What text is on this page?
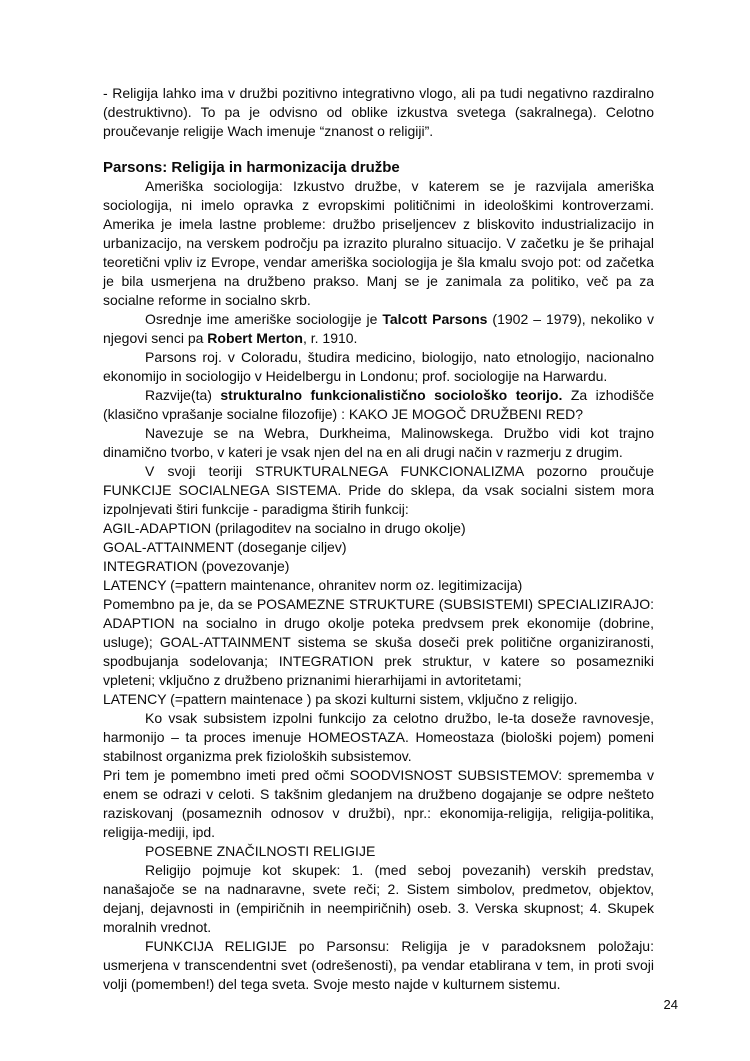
- Religija lahko ima v družbi pozitivno integrativno vlogo, ali pa tudi negativno razdiralno (destruktivno). To pa je odvisno od oblike izkustva svetega (sakralnega). Celotno proučevanje religije Wach imenuje “znanost o religiji”.

Parsons: Religija in harmonizacija družbe

Ameriška sociologija: Izkustvo družbe, v katerem se je razvijala ameriška sociologija, ni imelo opravka z evropskimi političnimi in ideološkimi kontroverzami. Amerika je imela lastne probleme: družbo priseljencev z bliskovito industrializacijo in urbanizacijo, na verskem področju pa izrazito pluralno situacijo. V začetku je še prihajal teoretični vpliv iz Evrope, vendar ameriška sociologija je šla kmalu svojo pot: od začetka je bila usmerjena na družbeno prakso. Manj se je zanimala za politiko, več pa za socialne reforme in socialno skrb.

Osrednje ime ameriške sociologije je Talcott Parsons (1902 – 1979), nekoliko v njegovi senci pa Robert Merton, r. 1910.

Parsons roj. v Coloradu, študira medicino, biologijo, nato etnologijo, nacionalno ekonomijo in sociologijo v Heidelbergu in Londonu; prof. sociologije na Harwardu.

Razvije(ta) strukturalno funkcionalistično sociološko teorijo. Za izhodišče (klasično vprašanje socialne filozofije) : KAKO JE MOGOČ DRUŽBENI RED?

Navezuje se na Webra, Durkheima, Malinowskega. Družbo vidi kot trajno dinamično tvorbo, v kateri je vsak njen del na en ali drugi način v razmerju z drugim.

V svoji teoriji STRUKTURALNEGA FUNKCIONALIZMA pozorno proučuje FUNKCIJE SOCIALNEGA SISTEMA. Pride do sklepa, da vsak socialni sistem mora izpolnjevati štiri funkcije - paradigma štirih funkcij:

AGIL-ADAPTION (prilagoditev na socialno in drugo okolje)

GOAL-ATTAINMENT (doseganje ciljev)

INTEGRATION (povezovanje)

LATENCY (=pattern maintenance, ohranitev norm oz. legitimizacija)

Pomembno pa je, da se POSAMEZNE STRUKTURE (SUBSISTEMI) SPECIALIZIRAJO: ADAPTION na socialno in drugo okolje poteka predvsem prek ekonomije (dobrine, usluge); GOAL-ATTAINMENT sistema se skuša doseči prek politične organiziranosti, spodbujanja sodelovanja; INTEGRATION prek struktur, v katere so posamezniki vpleteni; vključno z družbeno priznanimi hierarhijami in avtoritetami;

LATENCY (=pattern maintenace ) pa skozi kulturni sistem, vključno z religijo.

Ko vsak subsistem izpolni funkcijo za celotno družbo, le-ta doseže ravnovesje, harmonijo – ta proces imenuje HOMEOSTAZA. Homeostaza (biološki pojem) pomeni stabilnost organizma prek fizioloških subsistemov.

Pri tem je pomembno imeti pred očmi SOODVISNOST SUBSISTEMOV: sprememba v enem se odrazi v celoti. S takšnim gledanjem na družbeno dogajanje se odpre nešteto raziskovanj (posameznih odnosov v družbi), npr.: ekonomija-religija, religija-politika, religija-mediji, ipd.

POSEBNE ZNAČILNOSTI RELIGIJE

Religijo pojmuje kot skupek: 1. (med seboj povezanih) verskih predstav, nanašajoče se na nadnaravne, svete reči; 2. Sistem simbolov, predmetov, objektov, dejanj, dejavnosti in (empiričnih in neempiričnih) oseb. 3. Verska skupnost; 4. Skupek moralnih vrednot.

FUNKCIJA RELIGIJE po Parsonsu: Religija je v paradoksnem položaju: usmerjena v transcendentni svet (odrešenosti), pa vendar etablirana v tem, in proti svoji volji (pomemben!) del tega sveta. Svoje mesto najde v kulturnem sistemu.

24
